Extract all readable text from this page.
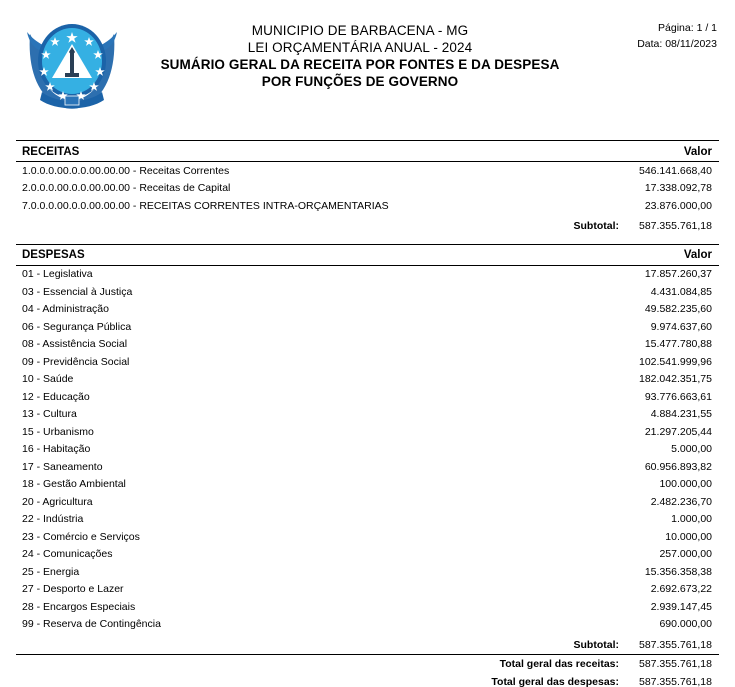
MUNICIPIO DE BARBACENA - MG
LEI ORÇAMENTÁRIA ANUAL - 2024
SUMÁRIO GERAL DA RECEITA POR FONTES E DA DESPESA
POR FUNÇÕES DE GOVERNO
Página: 1 / 1
Data: 08/11/2023
RECEITAS	Valor
1.0.0.0.00.0.0.00.00.00 - Receitas Correntes	546.141.668,40
2.0.0.0.00.0.0.00.00.00 - Receitas de Capital	17.338.092,78
7.0.0.0.00.0.0.00.00.00 - RECEITAS CORRENTES INTRA-ORÇAMENTARIAS	23.876.000,00
	Subtotal: 587.355.761,18
DESPESAS	Valor
01 - Legislativa	17.857.260,37
03 - Essencial à Justiça	4.431.084,85
04 - Administração	49.582.235,60
06 - Segurança Pública	9.974.637,60
08 - Assistência Social	15.477.780,88
09 - Previdência Social	102.541.999,96
10 - Saúde	182.042.351,75
12 - Educação	93.776.663,61
13 - Cultura	4.884.231,55
15 - Urbanismo	21.297.205,44
16 - Habitação	5.000,00
17 - Saneamento	60.956.893,82
18 - Gestão Ambiental	100.000,00
20 - Agricultura	2.482.236,70
22 - Indústria	1.000,00
23 - Comércio e Serviços	10.000,00
24 - Comunicações	257.000,00
25 - Energia	15.356.358,38
27 - Desporto e Lazer	2.692.673,22
28 - Encargos Especiais	2.939.147,45
99 - Reserva de Contingência	690.000,00
	Subtotal: 587.355.761,18

Total geral das receitas: 587.355.761,18
Total geral das despesas: 587.355.761,18
